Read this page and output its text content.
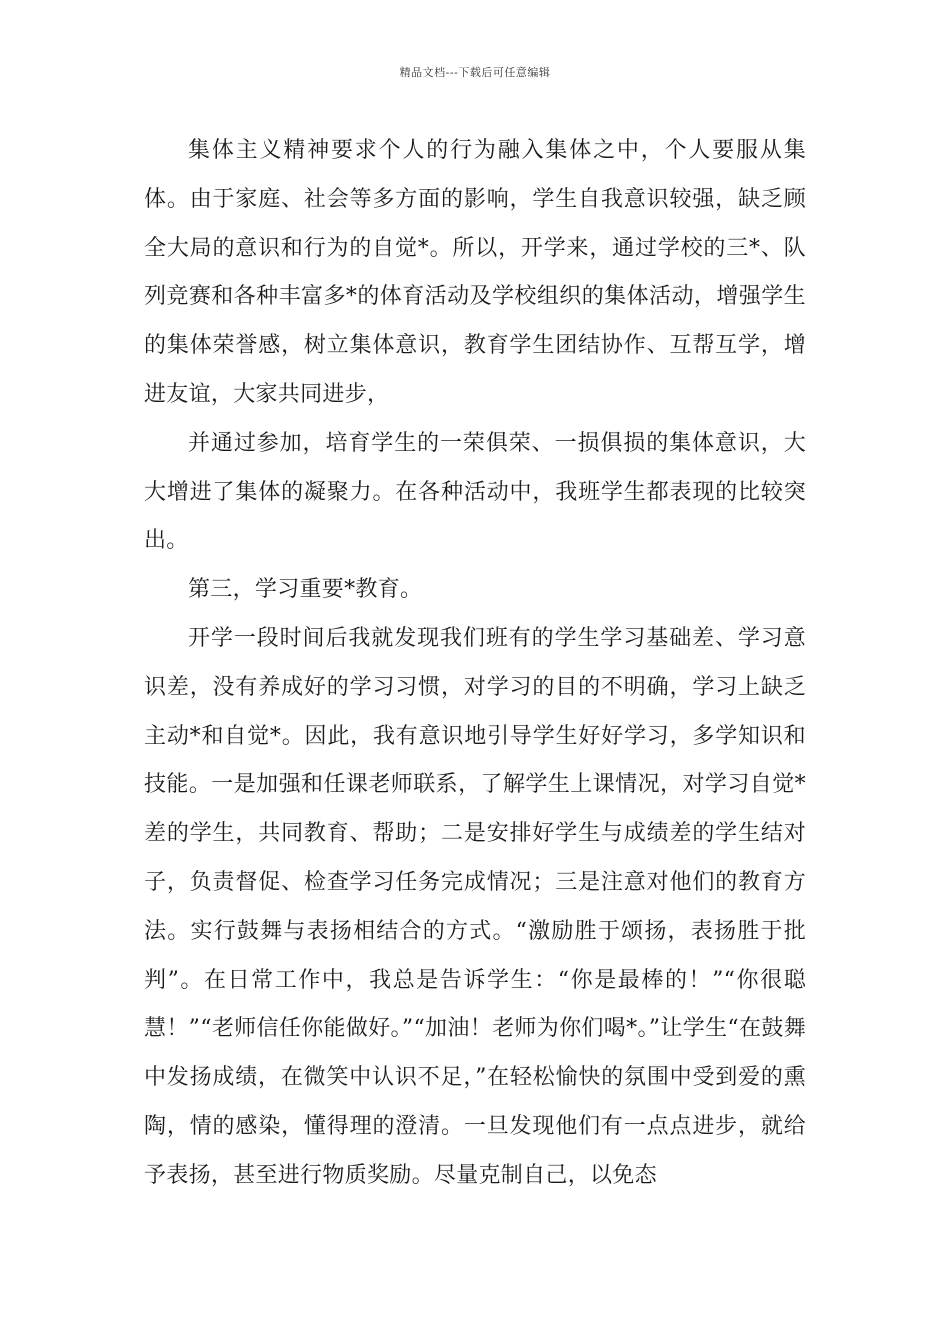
精品文档---下载后可任意编辑

集体主义精神要求个人的行为融入集体之中，个人要服从集体。由于家庭、社会等多方面的影响，学生自我意识较强，缺乏顾全大局的意识和行为的自觉*。所以，开学来，通过学校的三*、队列竞赛和各种丰富多*的体育活动及学校组织的集体活动，增强学生的集体荣誉感，树立集体意识，教育学生团结协作、互帮互学，增进友谊，大家共同进步，

并通过参加，培育学生的一荣俱荣、一损俱损的集体意识，大大增进了集体的凝聚力。在各种活动中，我班学生都表现的比较突出。

第三，学习重要*教育。

开学一段时间后我就发现我们班有的学生学习基础差、学习意识差，没有养成好的学习习惯，对学习的目的不明确，学习上缺乏主动*和自觉*。因此，我有意识地引导学生好好学习，多学知识和技能。一是加强和任课老师联系，了解学生上课情况，对学习自觉*差的学生，共同教育、帮助；二是安排好学生与成绩差的学生结对子，负责督促、检查学习任务完成情况；三是注意对他们的教育方法。实行鼓舞与表扬相结合的方式。“激励胜于颂扬，表扬胜于批判”。在日常工作中，我总是告诉学生：“你是最棒的！”“你很聪慧！”“老师信任你能做好。”“加油！老师为你们喝*。”让学生“在鼓舞中发扬成绩，在微笑中认识不足，”在轻松愉快的氛围中受到爱的熏陶，情的感染，懂得理的澄清。一旦发现他们有一点点进步，就给予表扬，甚至进行物质奖励。尽量克制自己，以免态
